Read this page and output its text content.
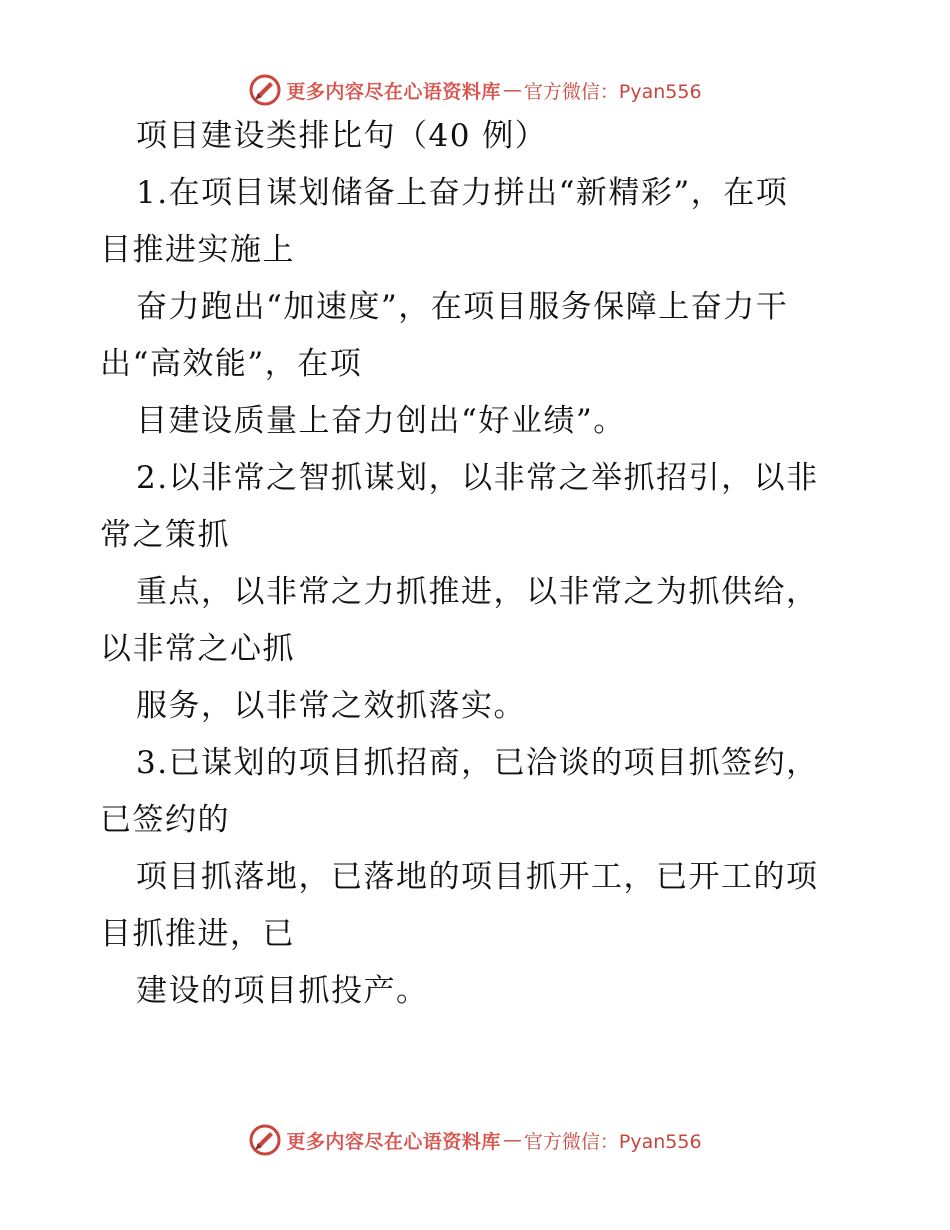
更多内容尽在心语资料库 — 官方微信：Pyan556
项目建设类排比句（40 例）
1.在项目谋划储备上奋力拼出“新精彩”，在项
目推进实施上
奋力跑出“加速度”，在项目服务保障上奋力干
出“高效能”，在项
目建设质量上奋力创出“好业绩”。
2.以非常之智抓谋划，以非常之举抓招引，以非
常之策抓
重点，以非常之力抓推进，以非常之为抓供给，
以非常之心抓
服务，以非常之效抓落实。
3.已谋划的项目抓招商，已洽谈的项目抓签约，
已签约的
项目抓落地，已落地的项目抓开工，已开工的项
目抓推进，已
建设的项目抓投产。
更多内容尽在心语资料库 — 官方微信：Pyan556
